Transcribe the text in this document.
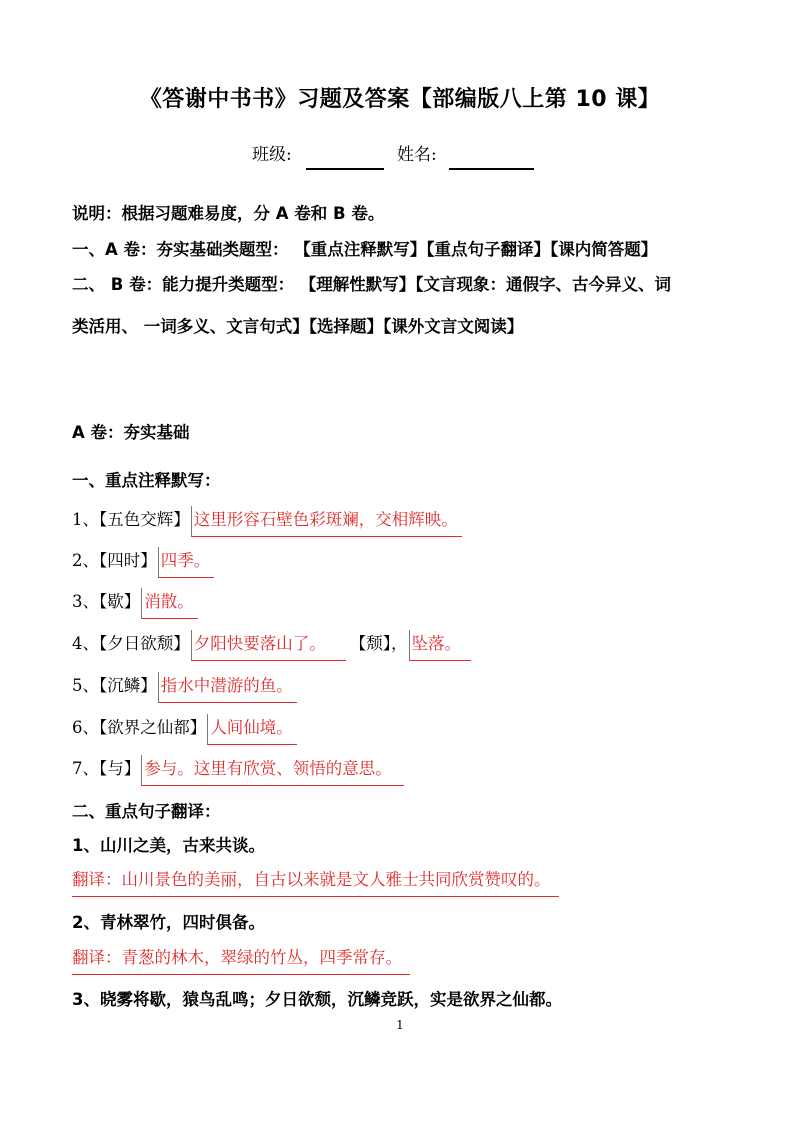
《答谢中书书》习题及答案【部编版八上第 10 课】
班级:	姓名:
说明：根据习题难易度，分 A 卷和 B 卷。
一、A 卷：夯实基础类题型： 【重点注释默写】【重点句子翻译】【课内简答题】
二、 B 卷：能力提升类题型： 【理解性默写】【文言现象：通假字、古今异义、词
类活用、 一词多义、文言句式】【选择题】【课外文言文阅读】
A 卷：夯实基础
一、重点注释默写：
1、【五色交辉】 这里形容石壁色彩斑斓，交相辉映。
2、【四时】 四季。
3、【歇】 消散。
4、【夕日欲颓】 夕阳快要落山了。 【颓】， 坠落。
5、【沉鳞】 指水中潜游的鱼。
6、【欲界之仙都】 人间仙境。
7、【与】 参与。这里有欣赏、领悟的意思。
二、重点句子翻译：
1、山川之美，古来共谈。
翻译：山川景色的美丽，自古以来就是文人雅士共同欣赏赞叹的。
2、青林翠竹，四时俱备。
翻译：青葱的林木，翠绿的竹丛，四季常存。
3、晓雾将歇，猿鸟乱鸣；夕日欲颓，沉鳞竞跃，实是欲界之仙都。
1
